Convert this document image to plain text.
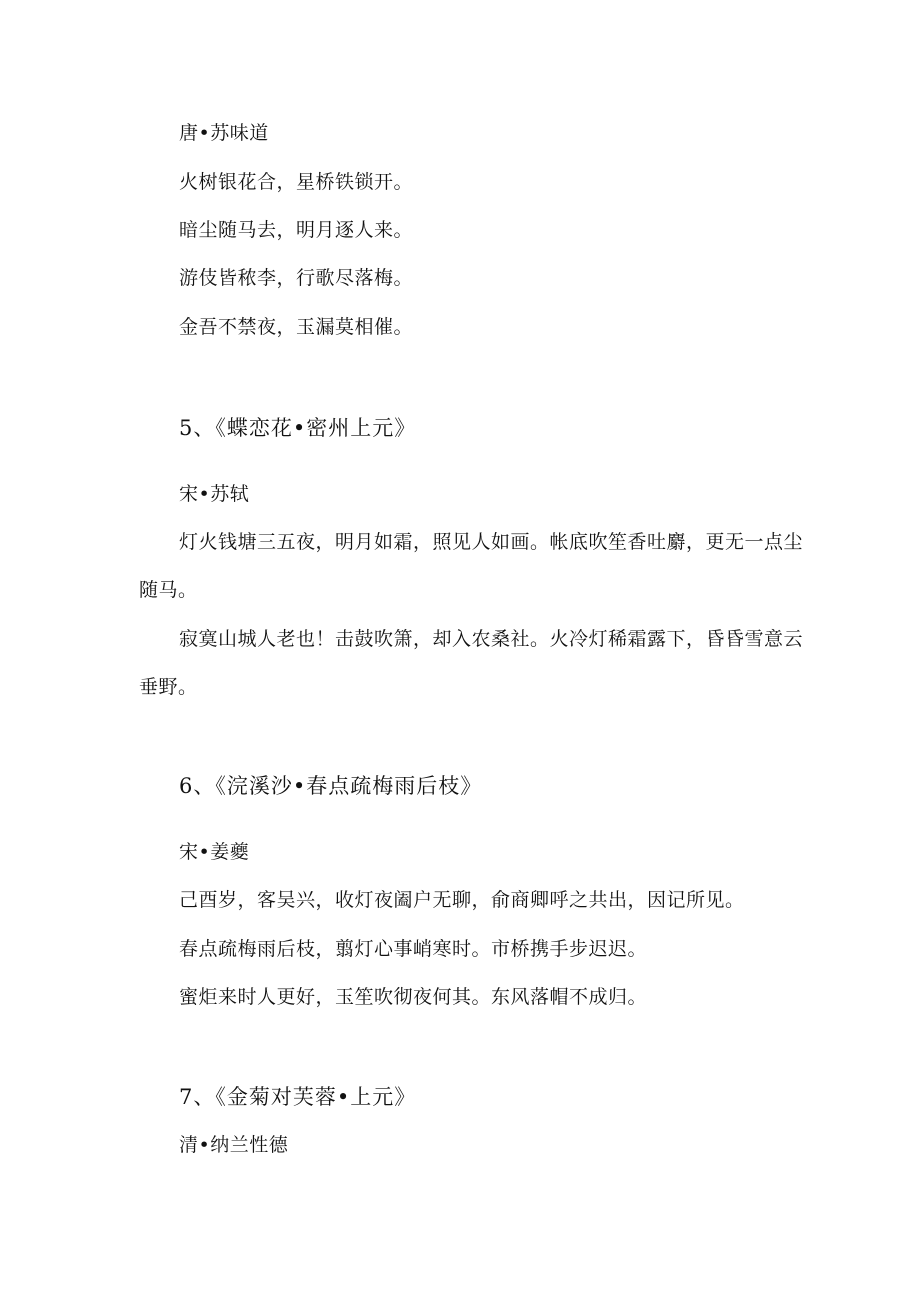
唐•苏味道
火树银花合，星桥铁锁开。
暗尘随马去，明月逐人来。
游伎皆秾李，行歌尽落梅。
金吾不禁夜，玉漏莫相催。
5、《蝶恋花•密州上元》
宋•苏轼
灯火钱塘三五夜，明月如霜，照见人如画。帐底吹笙香吐麝，更无一点尘
随马。
寂寞山城人老也！击鼓吹箫，却入农桑社。火冷灯稀霜露下，昏昏雪意云
垂野。
6、《浣溪沙•春点疏梅雨后枝》
宋•姜夔
己酉岁，客吴兴，收灯夜阖户无聊，俞商卿呼之共出，因记所见。
春点疏梅雨后枝，翦灯心事峭寒时。市桥携手步迟迟。
蜜炬来时人更好，玉笙吹彻夜何其。东风落帽不成归。
7、《金菊对芙蓉•上元》
清•纳兰性德
